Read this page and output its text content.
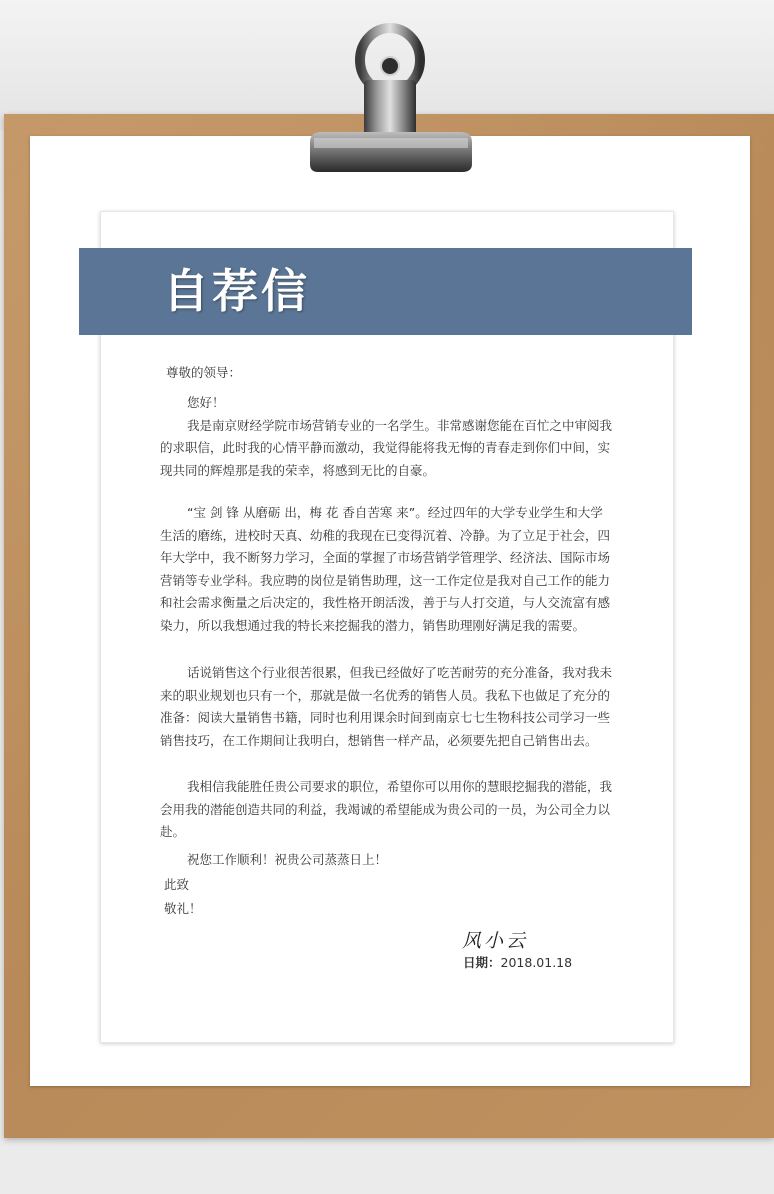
自荐信
尊敬的领导：
您好！
我是南京财经学院市场营销专业的一名学生。非常感谢您能在百忙之中审阅我
的求职信，此时我的心情平静而激动，我觉得能将我无悔的青春走到你们中间，实
现共同的辉煌那是我的荣幸，将感到无比的自豪。
“宝 剑 锋 从磨砺 出，梅 花 香自苦寒 来”。经过四年的大学专业学生和大学
生活的磨练，进校时天真、幼稚的我现在已变得沉着、冷静。为了立足于社会，四
年大学中，我不断努力学习，全面的掌握了市场营销学管理学、经济法、国际市场
营销等专业学科。我应聘的岗位是销售助理，这一工作定位是我对自己工作的能力
和社会需求衡量之后决定的，我性格开朗活泼，善于与人打交道，与人交流富有感
染力，所以我想通过我的特长来挖掘我的潜力，销售助理刚好满足我的需要。
话说销售这个行业很苦很累，但我已经做好了吃苦耐劳的充分准备，我对我未
来的职业规划也只有一个，那就是做一名优秀的销售人员。我私下也做足了充分的
准备：阅读大量销售书籍，同时也利用课余时间到南京七七生物科技公司学习一些
销售技巧，在工作期间让我明白，想销售一样产品，必须要先把自己销售出去。
我相信我能胜任贵公司要求的职位，希望你可以用你的慧眼挖掘我的潜能，我
会用我的潜能创造共同的利益，我竭诚的希望能成为贵公司的一员，为公司全力以
赴。
祝您工作顺利！祝贵公司蒸蒸日上！
此致
敬礼！
风小云
日期：2018.01.18
